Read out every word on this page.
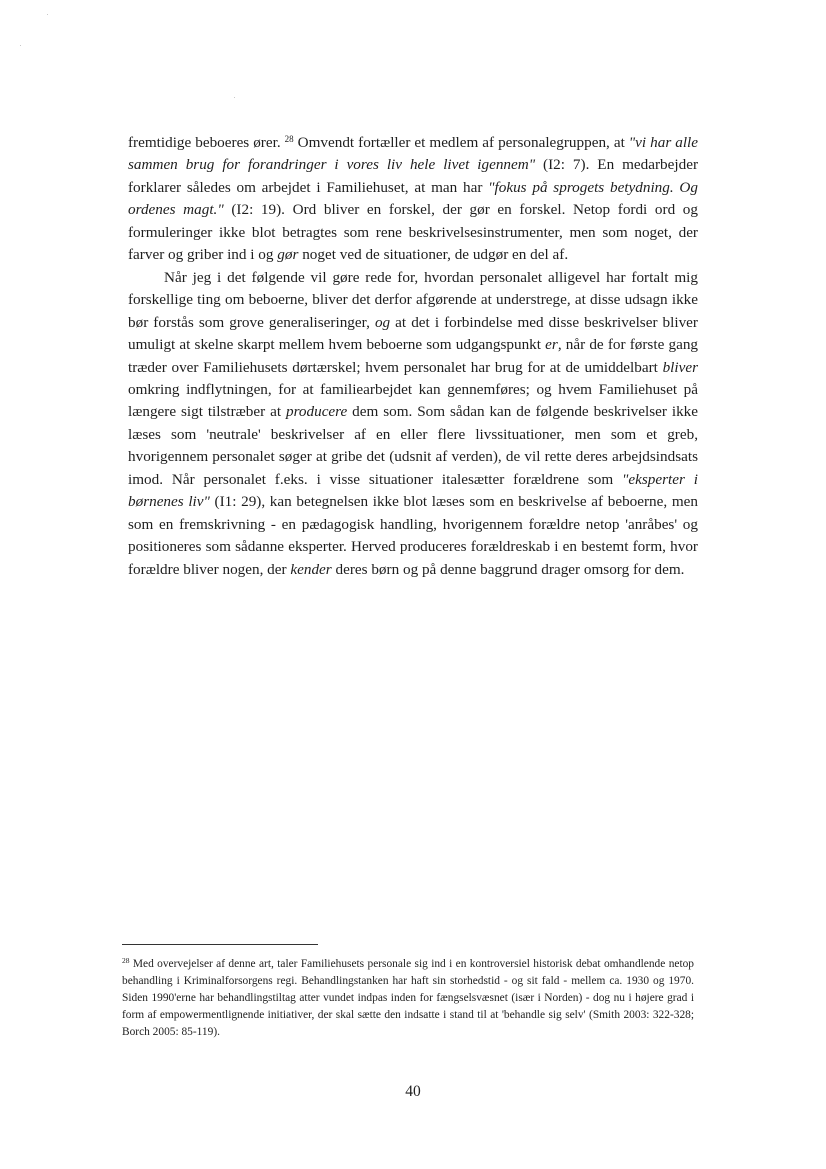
fremtidige beboeres ører. $^{28}$ Omvendt fortæller et medlem af personalegruppen, at "vi har alle sammen brug for forandringer i vores liv hele livet igennem" (I2: 7). En medarbejder forklarer således om arbejdet i Familiehuset, at man har "fokus på sprogets betydning. Og ordenes magt." (I2: 19). Ord bliver en forskel, der gør en forskel. Netop fordi ord og formuleringer ikke blot betragtes som rene beskrivelsesinstrumenter, men som noget, der farver og griber ind i og gør noget ved de situationer, de udgør en del af.

Når jeg i det følgende vil gøre rede for, hvordan personalet alligevel har fortalt mig forskellige ting om beboerne, bliver det derfor afgørende at understrege, at disse udsagn ikke bør forstås som grove generaliseringer, og at det i forbindelse med disse beskrivelser bliver umuligt at skelne skarpt mellem hvem beboerne som udgangspunkt er, når de for første gang træder over Familiehusets dørtærskel; hvem personalet har brug for at de umiddelbart bliver omkring indflytningen, for at familiearbejdet kan gennemføres; og hvem Familiehuset på længere sigt tilstræber at producere dem som. Som sådan kan de følgende beskrivelser ikke læses som 'neutrale' beskrivelser af en eller flere livssituationer, men som et greb, hvorigennem personalet søger at gribe det (udsnit af verden), de vil rette deres arbejdsindsats imod. Når personalet f.eks. i visse situationer italesætter forældrene som "eksperter i børnenes liv" (I1: 29), kan betegnelsen ikke blot læses som en beskrivelse af beboerne, men som en fremskrivning - en pædagogisk handling, hvorigennem forældre netop 'anråbes' og positioneres som sådanne eksperter. Herved produceres forældreskab i en bestemt form, hvor forældre bliver nogen, der kender deres børn og på denne baggrund drager omsorg for dem.

$^{28}$ Med overvejelser af denne art, taler Familiehusets personale sig ind i en kontroversiel historisk debat omhandlende netop behandling i Kriminalforsorgens regi. Behandlingstanken har haft sin storhedstid - og sit fald - mellem ca. 1930 og 1970. Siden 1990'erne har behandlingstiltag atter vundet indpas inden for fængselsvæsnet (især i Norden) - dog nu i højere grad i form af empowermentlignende initiativer, der skal sætte den indsatte i stand til at 'behandle sig selv' (Smith 2003: 322-328; Borch 2005: 85-119).

40
